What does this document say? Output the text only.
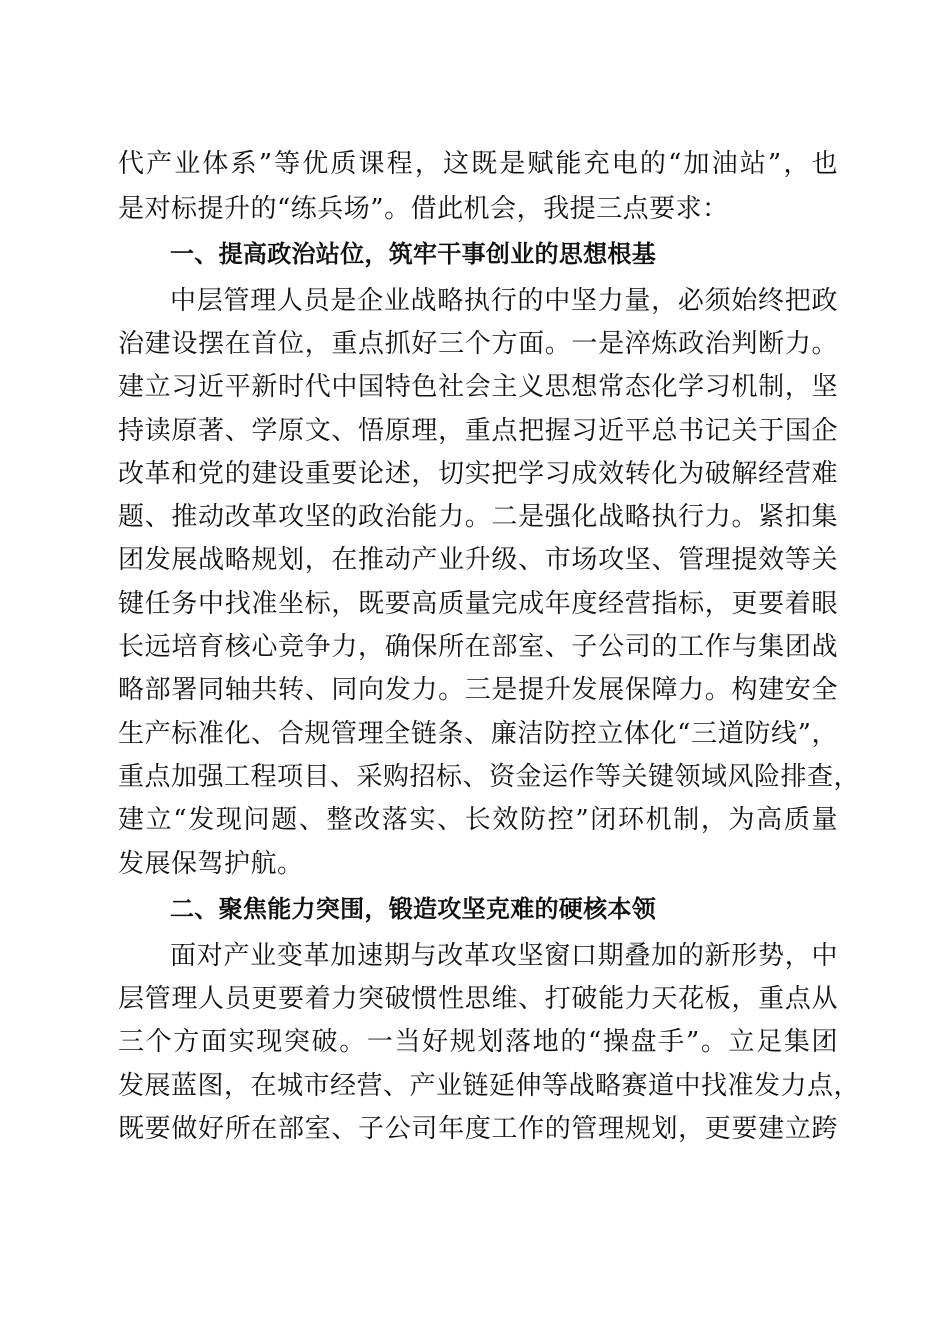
代产业体系”等优质课程，这既是赋能充电的“加油站”，也
是对标提升的“练兵场”。借此机会，我提三点要求：
一、提高政治站位，筑牢干事创业的思想根基
中层管理人员是企业战略执行的中坚力量，必须始终把政
治建设摆在首位，重点抓好三个方面。一是淬炼政治判断力。
建立习近平新时代中国特色社会主义思想常态化学习机制，坚
持读原著、学原文、悟原理，重点把握习近平总书记关于国企
改革和党的建设重要论述，切实把学习成效转化为破解经营难
题、推动改革攻坚的政治能力。二是强化战略执行力。紧扣集
团发展战略规划，在推动产业升级、市场攻坚、管理提效等关
键任务中找准坐标，既要高质量完成年度经营指标，更要着眼
长远培育核心竞争力，确保所在部室、子公司的工作与集团战
略部署同轴共转、同向发力。三是提升发展保障力。构建安全
生产标准化、合规管理全链条、廉洁防控立体化“三道防线”，
重点加强工程项目、采购招标、资金运作等关键领域风险排查，
建立“发现问题、整改落实、长效防控”闭环机制，为高质量
发展保驾护航。
二、聚焦能力突围，锻造攻坚克难的硬核本领
面对产业变革加速期与改革攻坚窗口期叠加的新形势，中
层管理人员更要着力突破惯性思维、打破能力天花板，重点从
三个方面实现突破。一当好规划落地的“操盘手”。立足集团
发展蓝图，在城市经营、产业链延伸等战略赛道中找准发力点，
既要做好所在部室、子公司年度工作的管理规划，更要建立跨
